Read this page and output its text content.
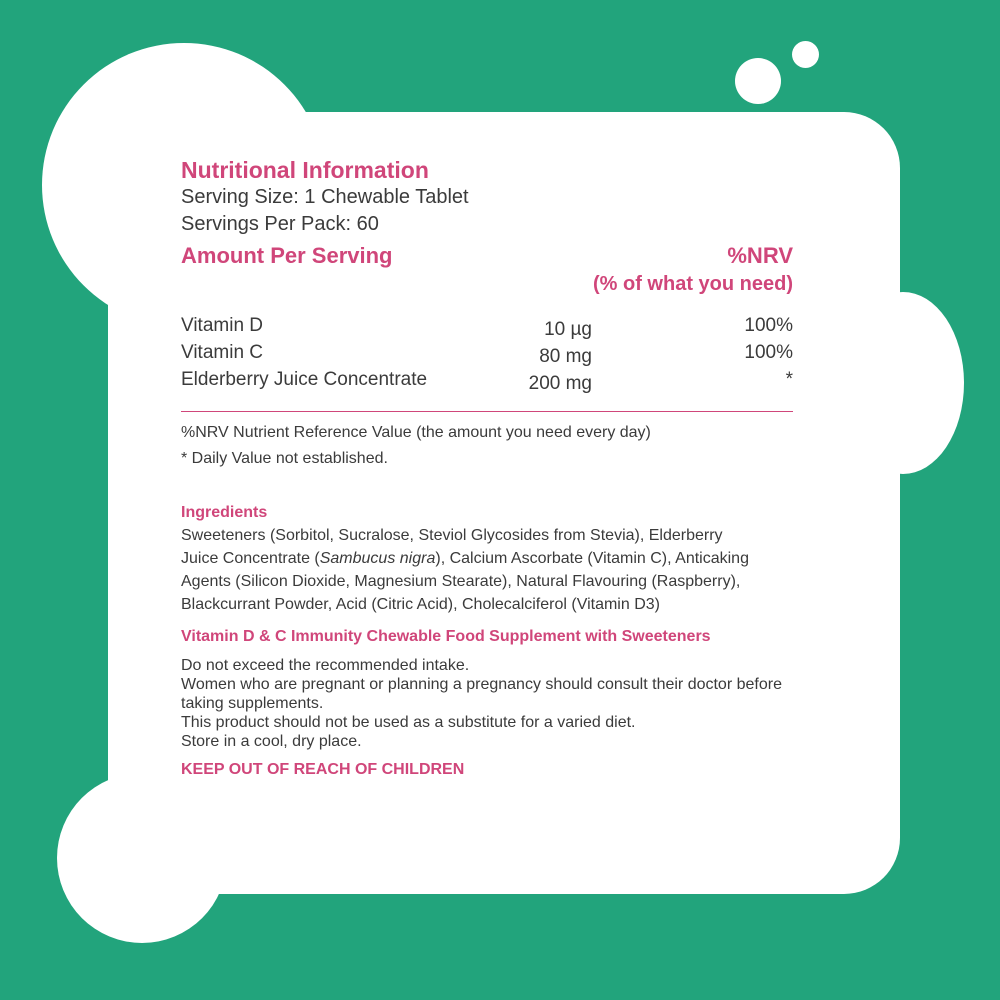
Nutritional Information
Serving Size: 1 Chewable Tablet
Servings Per Pack: 60
Amount Per Serving	%NRV
(% of what you need)
Vitamin D	10 µg	100%
Vitamin C	80 mg	100%
Elderberry Juice Concentrate	200 mg	*
%NRV Nutrient Reference Value (the amount you need every day)
* Daily Value not established.
Ingredients
Sweeteners (Sorbitol, Sucralose, Steviol Glycosides from Stevia), Elderberry Juice Concentrate (Sambucus nigra), Calcium Ascorbate (Vitamin C), Anticaking Agents (Silicon Dioxide, Magnesium Stearate), Natural Flavouring (Raspberry), Blackcurrant Powder, Acid (Citric Acid), Cholecalciferol (Vitamin D3)
Vitamin D & C Immunity Chewable Food Supplement with Sweeteners
Do not exceed the recommended intake.
Women who are pregnant or planning a pregnancy should consult their doctor before taking supplements.
This product should not be used as a substitute for a varied diet.
Store in a cool, dry place.
KEEP OUT OF REACH OF CHILDREN
